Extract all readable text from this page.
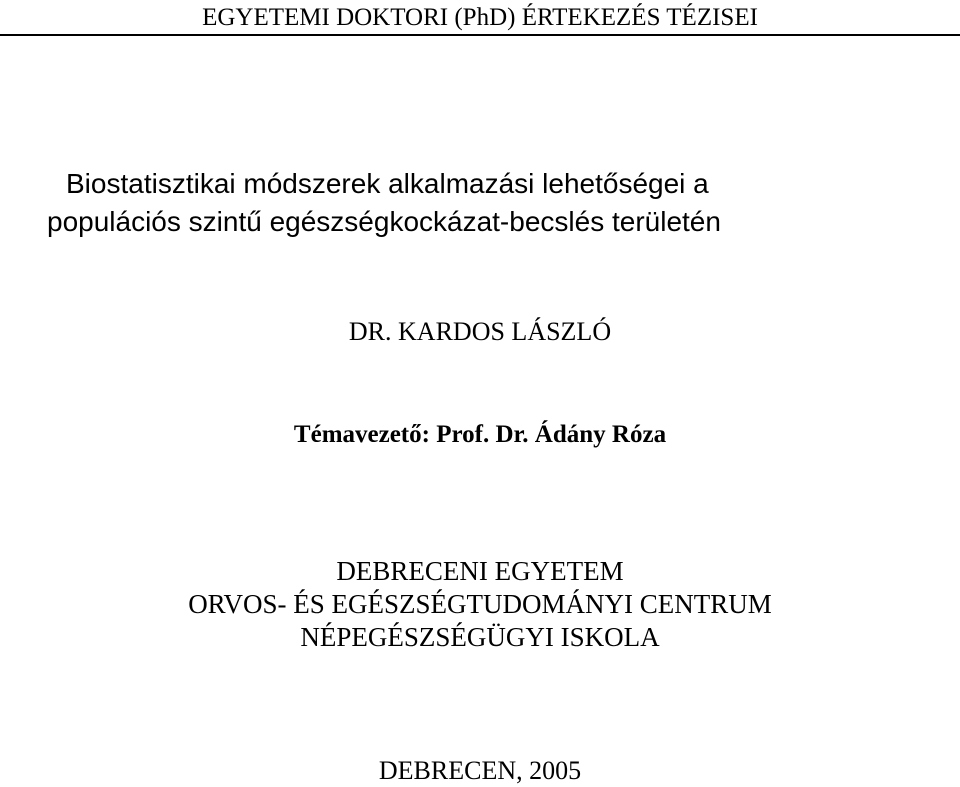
EGYETEMI DOKTORI (PhD) ÉRTEKEZÉS TÉZISEI
Biostatisztikai módszerek alkalmazási lehetőségei a
populációs szintű egészségkockázat-becslés területén
DR. KARDOS LÁSZLÓ
Témavezető: Prof. Dr. Ádány Róza
DEBRECENI EGYETEM
ORVOS- ÉS EGÉSZSÉGTUDOMÁNYI CENTRUM
NÉPEGÉSZSÉGÜGYI ISKOLA
DEBRECEN, 2005
